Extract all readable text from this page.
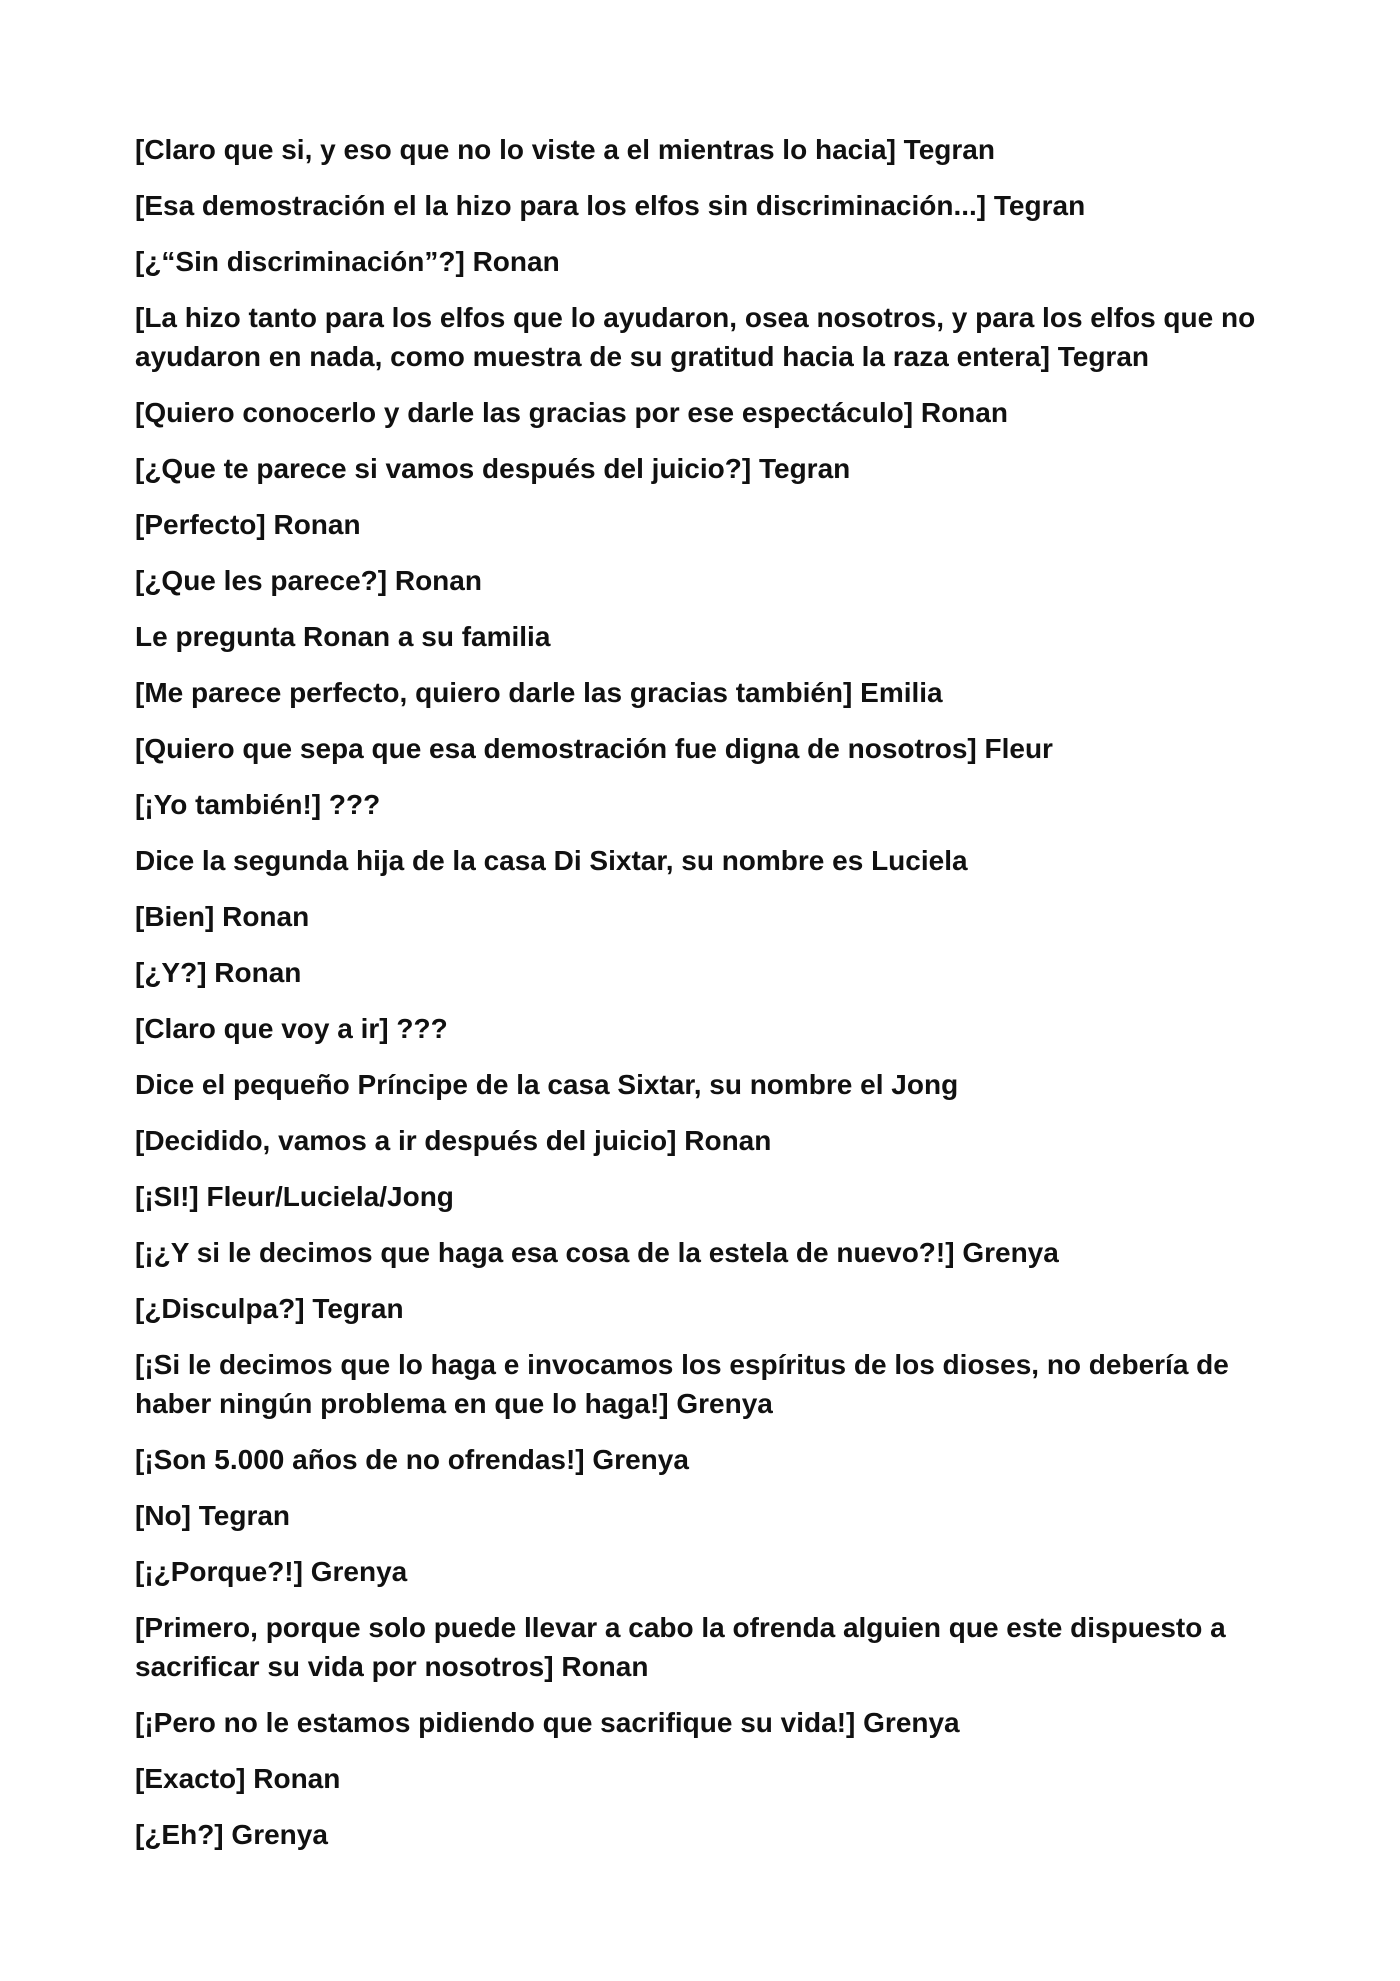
[Claro que si, y eso que no lo viste a el mientras lo hacia] Tegran

[Esa demostración el la hizo para los elfos sin discriminación...] Tegran

[¿“Sin discriminación”?] Ronan

[La hizo tanto para los elfos que lo ayudaron, osea nosotros, y para los elfos que no ayudaron en nada, como muestra de su gratitud hacia la raza entera] Tegran

[Quiero conocerlo y darle las gracias por ese espectáculo] Ronan

[¿Que te parece si vamos después del juicio?] Tegran

[Perfecto] Ronan

[¿Que les parece?] Ronan

Le pregunta Ronan a su familia

[Me parece perfecto, quiero darle las gracias también] Emilia

[Quiero que sepa que esa demostración fue digna de nosotros] Fleur

[¡Yo también!] ???

Dice la segunda hija de la casa Di Sixtar, su nombre es Luciela

[Bien] Ronan

[¿Y?] Ronan

[Claro que voy a ir] ???

Dice el pequeño Príncipe de la casa Sixtar, su nombre el Jong

[Decidido, vamos a ir después del juicio] Ronan

[¡SI!] Fleur/Luciela/Jong

[¡¿Y si le decimos que haga esa cosa de la estela de nuevo?!] Grenya

[¿Disculpa?] Tegran

[¡Si le decimos que lo haga e invocamos los espíritus de los dioses, no debería de haber ningún problema en que lo haga!] Grenya

[¡Son 5.000 años de no ofrendas!] Grenya

[No] Tegran

[¡¿Porque?!] Grenya

[Primero, porque solo puede llevar a cabo la ofrenda alguien que este dispuesto a sacrificar su vida por nosotros] Ronan

[¡Pero no le estamos pidiendo que sacrifique su vida!] Grenya

[Exacto] Ronan

[¿Eh?] Grenya
